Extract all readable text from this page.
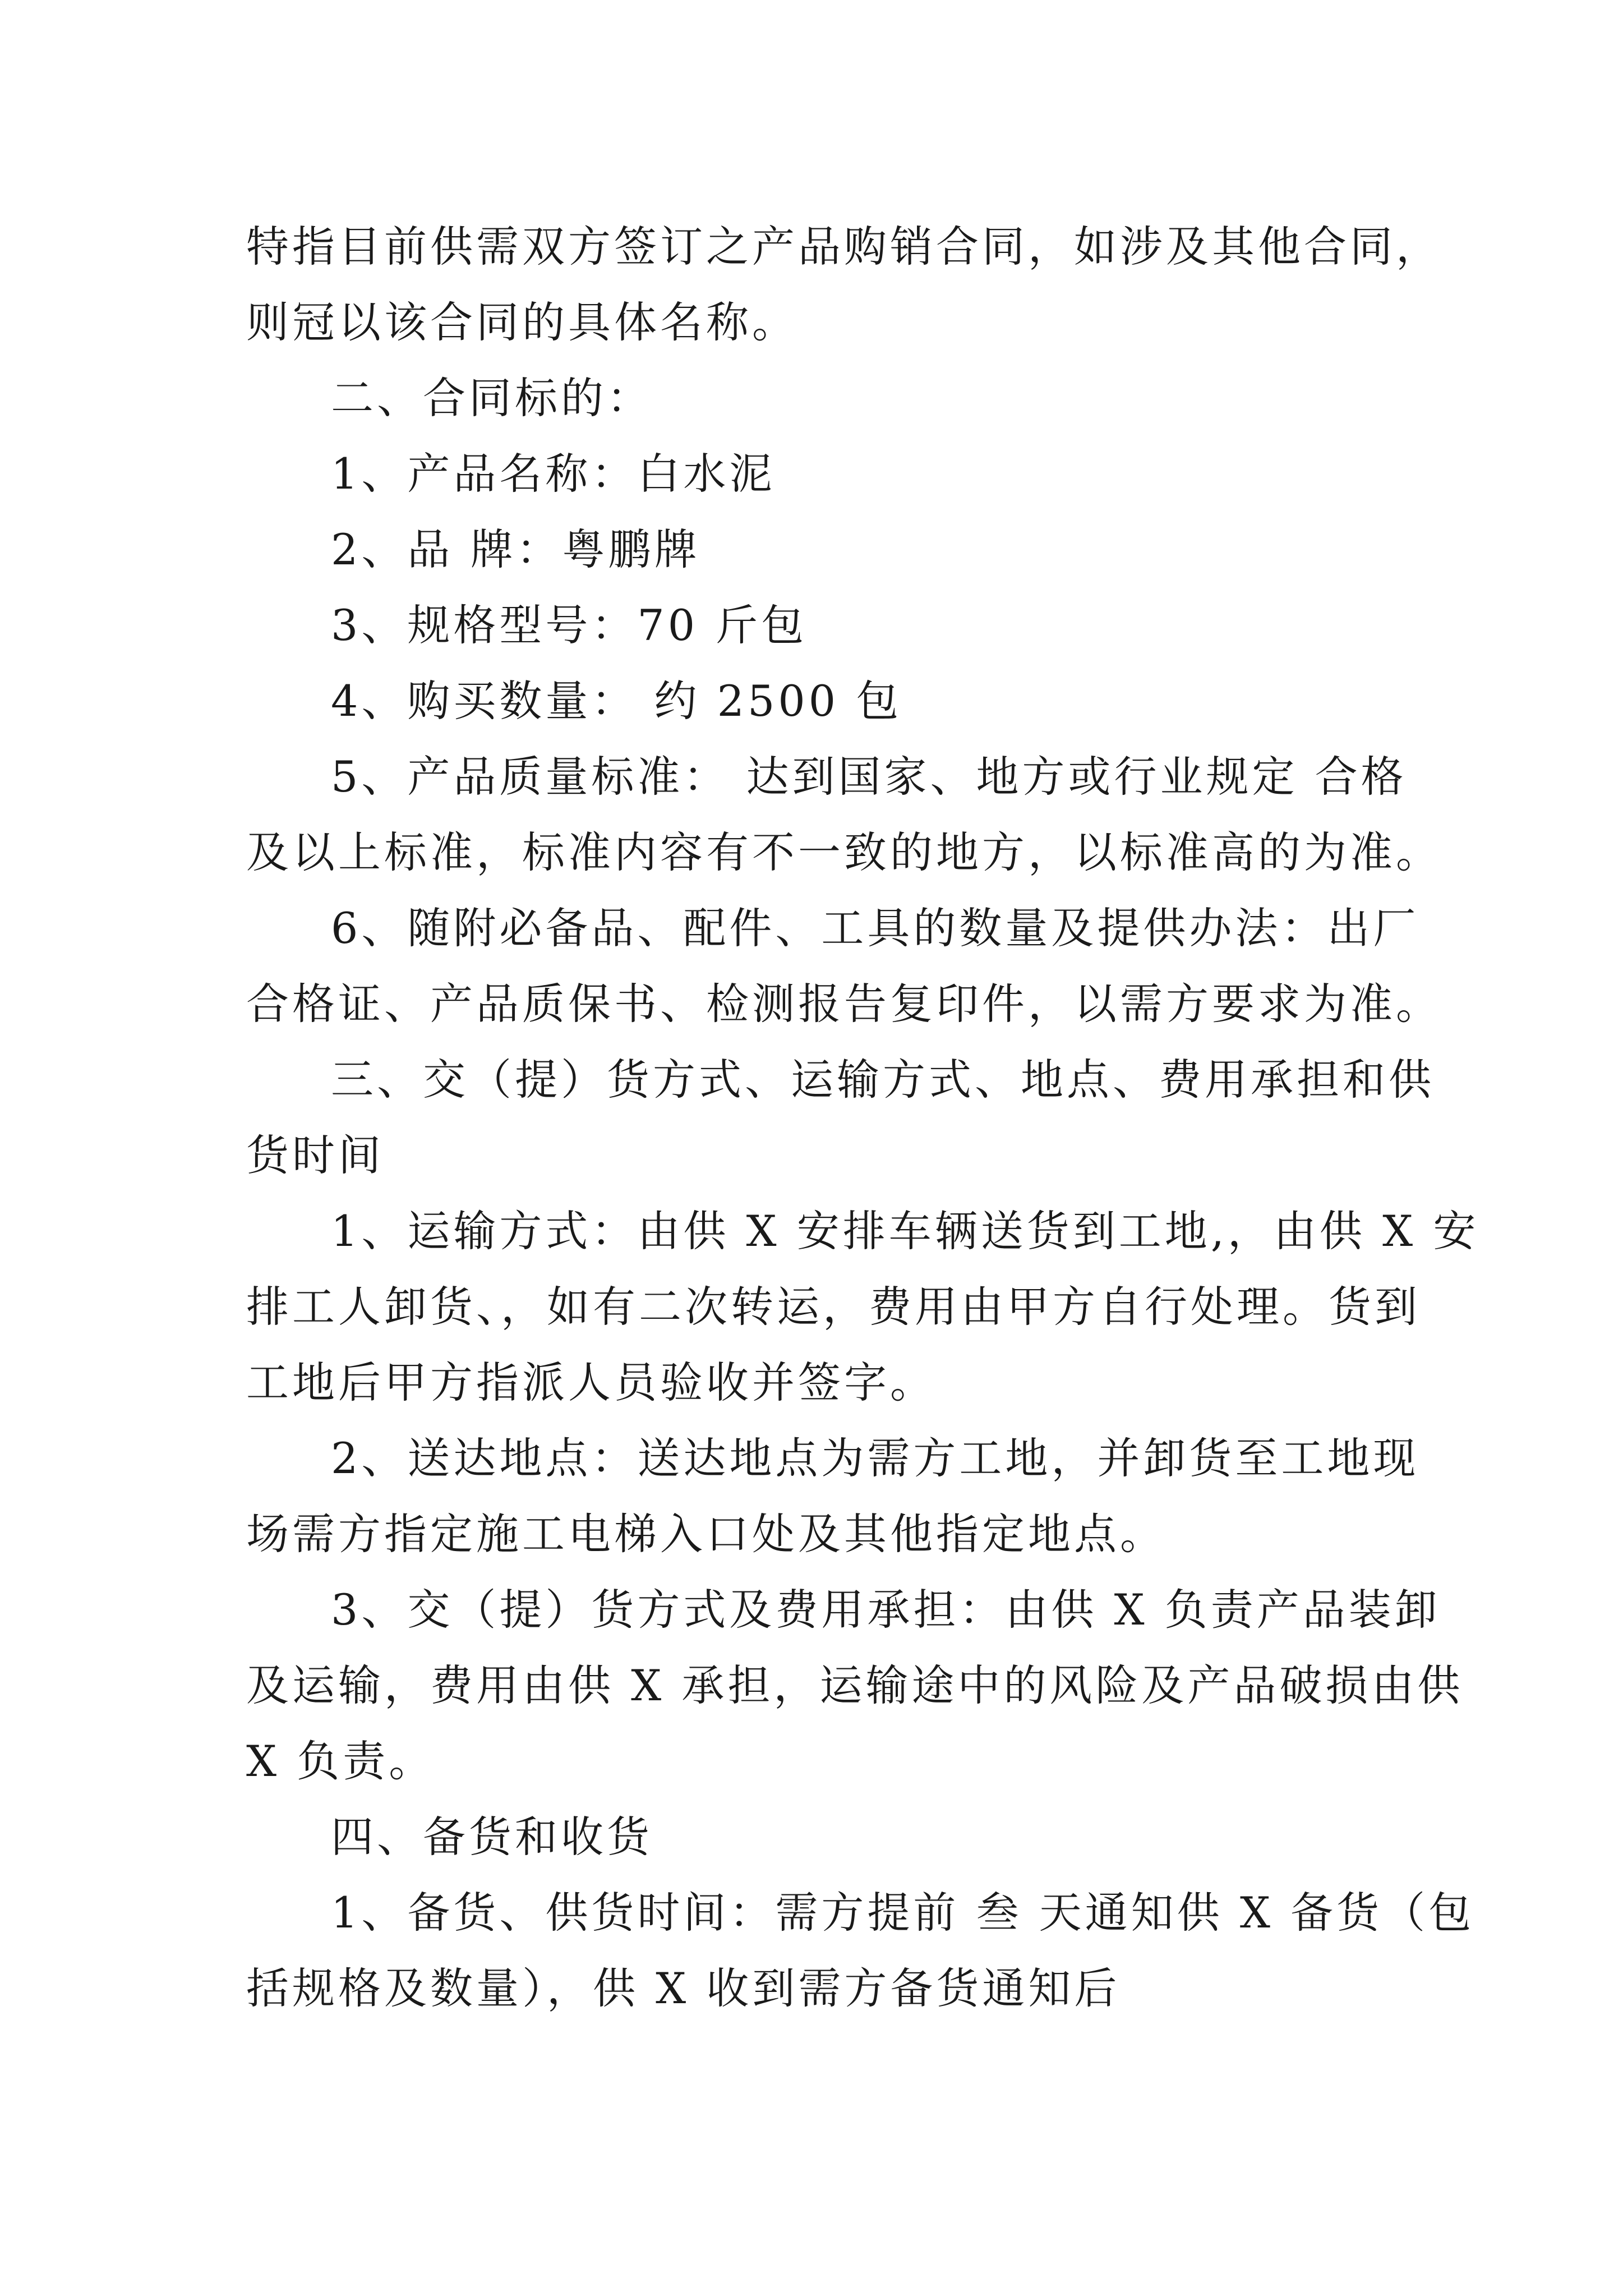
特指目前供需双方签订之产品购销合同，如涉及其他合同，
则冠以该合同的具体名称。
二、合同标的：
1、产品名称：白水泥
2、品 牌：粤鹏牌
3、规格型号：70 斤包
4、购买数量： 约 2500 包
5、产品质量标准： 达到国家、地方或行业规定 合格
及以上标准，标准内容有不一致的地方，以标准高的为准。
6、随附必备品、配件、工具的数量及提供办法：出厂
合格证、产品质保书、检测报告复印件，以需方要求为准。
三、交（提）货方式、运输方式、地点、费用承担和供
货时间
1、运输方式：由供 X 安排车辆送货到工地,，由供 X 安
排工人卸货、，如有二次转运，费用由甲方自行处理。货到
工地后甲方指派人员验收并签字。
2、送达地点：送达地点为需方工地，并卸货至工地现
场需方指定施工电梯入口处及其他指定地点。
3、交（提）货方式及费用承担：由供 X 负责产品装卸
及运输，费用由供 X 承担，运输途中的风险及产品破损由供
X 负责。
四、备货和收货
1、备货、供货时间：需方提前 叁 天通知供 X 备货（包
括规格及数量），供 X 收到需方备货通知后
